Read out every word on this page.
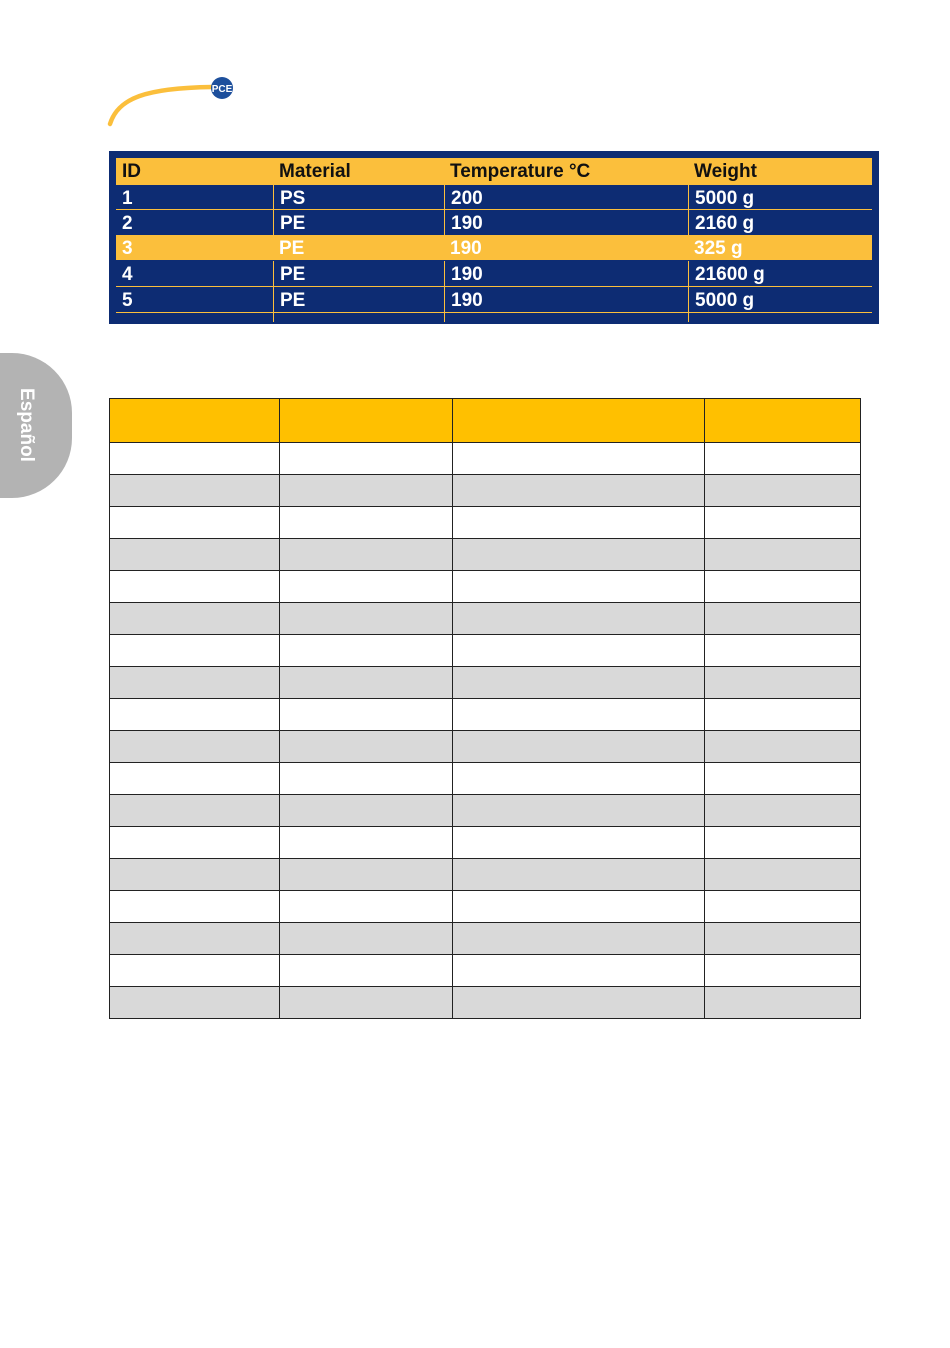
PCE
Español
ID	Material	Temperature °C	Weight
1	PS	200	5000 g
2	PE	190	2160 g
3	PE	190	325 g
4	PE	190	21600 g
5	PE	190	5000 g
